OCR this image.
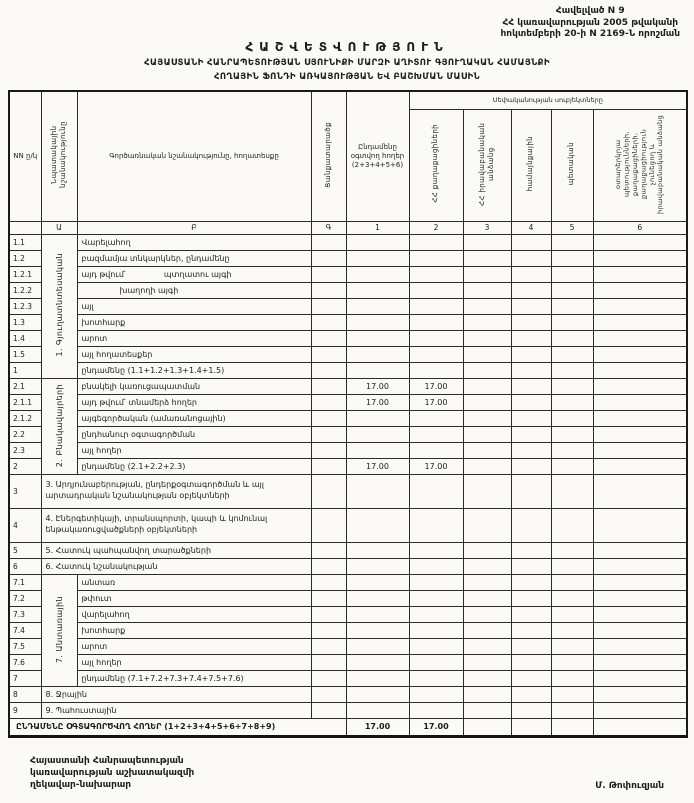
Հավելված N 9
ՀՀ կառավարության 2005 թվականի
հոկտեմբերի 20-ի N 2169-Ն որոշման
ՀԱՇՎԵՏՎՈՒԹՅՈՒՆ
ՀԱՅԱՍՏԱՆԻ ՀԱՆՐԱՊԵՏՈՒԹՅԱՆ ՍՅՈՒՆԻՔԻ ՄԱՐԶԻ ԱՂԻՏՈՒ ԳՅՈՒՂԱԿԱՆ ՀԱՄԱՅՆՔԻ
ՀՈՂԱՅԻՆ ՖՈՆԴԻ ԱՌԿԱՅՈՒԹՅԱՆ ԵՎ ԲԱՇԽՄԱՆ ՄԱՍԻՆ
NN ը/կ	Նպատակային նշանակությունը	Գործառնական նշանակությունը, հողատեսքը	Ցանքատարածք	Ընդամենը օգտվող հողեր (2+3+4+5+6)	Սեփականության սուբյեկտները				
					ՀՀ քաղաքացիների	ՀՀ իրավաբանական անձանց	համայնքային	պետական	օտարերկրյա պետությունների, քաղաքացիների, քաղաքացիություն չունեցող և իրավաբանական անձանց
	Ա	Բ	Գ	1	2	3	4	5	6
1.1	1. Գյուղատնտեսական	Վարելահող							
1.2		բազմամյա տնկարկներ, ընդամենը							
1.2.1		այդ թվում՝ պտղատու այգի							
1.2.2		խաղողի այգի							
1.2.3		այլ							
1.3		խոտհարք							
1.4		արոտ							
1.5		այլ հողատեսքեր							
1		ընդամենը (1.1+1.2+1.3+1.4+1.5)							
2.1	2. Բնակավայրերի	բնակելի կառուցապատման		17.00	17.00				
2.1.1		այդ թվում՝ տնամերձ հողեր		17.00	17.00				
2.1.2		այգեգործական (ամառանոցային)							
2.2		ընդհանուր օգտագործման							
2.3		այլ հողեր							
2		ընդամենը (2.1+2.2+2.3)		17.00	17.00				
3	3. Արդյունաբերության, ընդերքօգտագործման և այլ արտադրական նշանակության օբյեկտների								
4	4. Էներգետիկայի, տրանսպորտի, կապի և կոմունալ ենթակառուցվածքների օբյեկտների								
5	5. Հատուկ պահպանվող տարածքների								
6	6. Հատուկ նշանակության								
7.1	7. Անտառային	անտառ							
7.2		թփուտ							
7.3		վարելահող							
7.4		խոտհարք							
7.5		արոտ							
7.6		այլ հողեր							
7		ընդամենը (7.1+7.2+7.3+7.4+7.5+7.6)							
8	8. Ջրային								
9	9. Պահուստային								
ԸՆԴԱՄԵՆԸ ՕԳՏԱԳՈՐԾՎՈՂ ՀՈՂԵՐ (1+2+3+4+5+6+7+8+9)				17.00	17.00				
Հայաստանի Հանրապետության
կառավարության աշխատակազմի
ղեկավար-նախարար	Մ. Թոփուզյան
